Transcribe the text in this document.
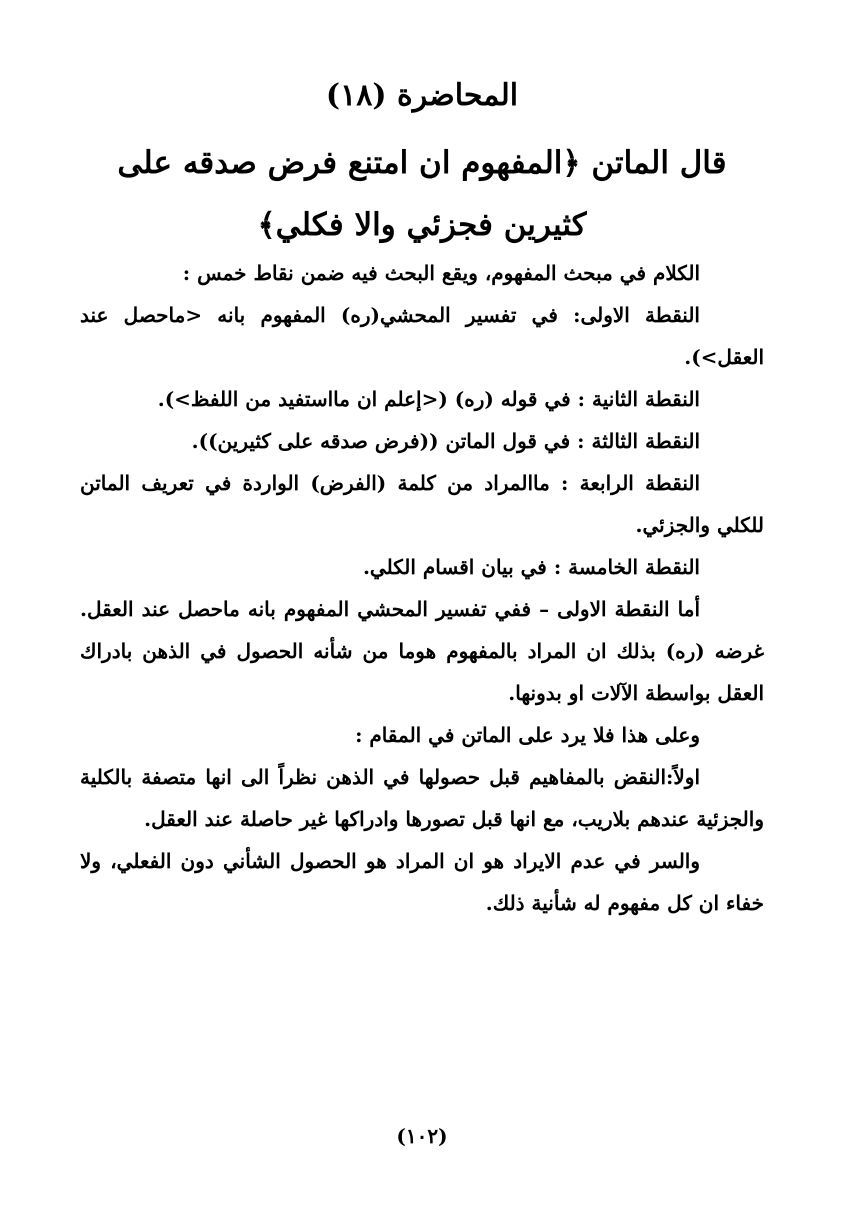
المحاضرة (١٨)
قال الماتن ﴿المفهوم ان امتنع فرض صدقه على كثيرين فجزئي والا فكلي﴾

الكلام في مبحث المفهوم، ويقع البحث فيه ضمن نقاط خمس :

النقطة الاولى: في تفسير المحشي(ره) المفهوم بانه <ماحصل عند العقل>).

النقطة الثانية : في قوله (ره) (<إعلم ان مااستفيد من اللفظ>).

النقطة الثالثة : في قول الماتن ((فرض صدقه على كثيرين)).

النقطة الرابعة : ماالمراد من كلمة (الفرض) الواردة في تعريف الماتن للكلي والجزئي.

النقطة الخامسة : في بيان اقسام الكلي.

أما النقطة الاولى – ففي تفسير المحشي المفهوم بانه ماحصل عند العقل. غرضه (ره) بذلك ان المراد بالمفهوم هوما من شأنه الحصول في الذهن بادراك العقل بواسطة الآلات او بدونها.

وعلى هذا فلا يرد على الماتن في المقام :

اولاً:النقض بالمفاهيم قبل حصولها في الذهن نظراً الى انها متصفة بالكلية والجزئية عندهم بلاريب، مع انها قبل تصورها وادراكها غير حاصلة عند العقل.

والسر في عدم الايراد هو ان المراد هو الحصول الشأني دون الفعلي، ولا خفاء ان كل مفهوم له شأنية ذلك.

(١٠٢)
